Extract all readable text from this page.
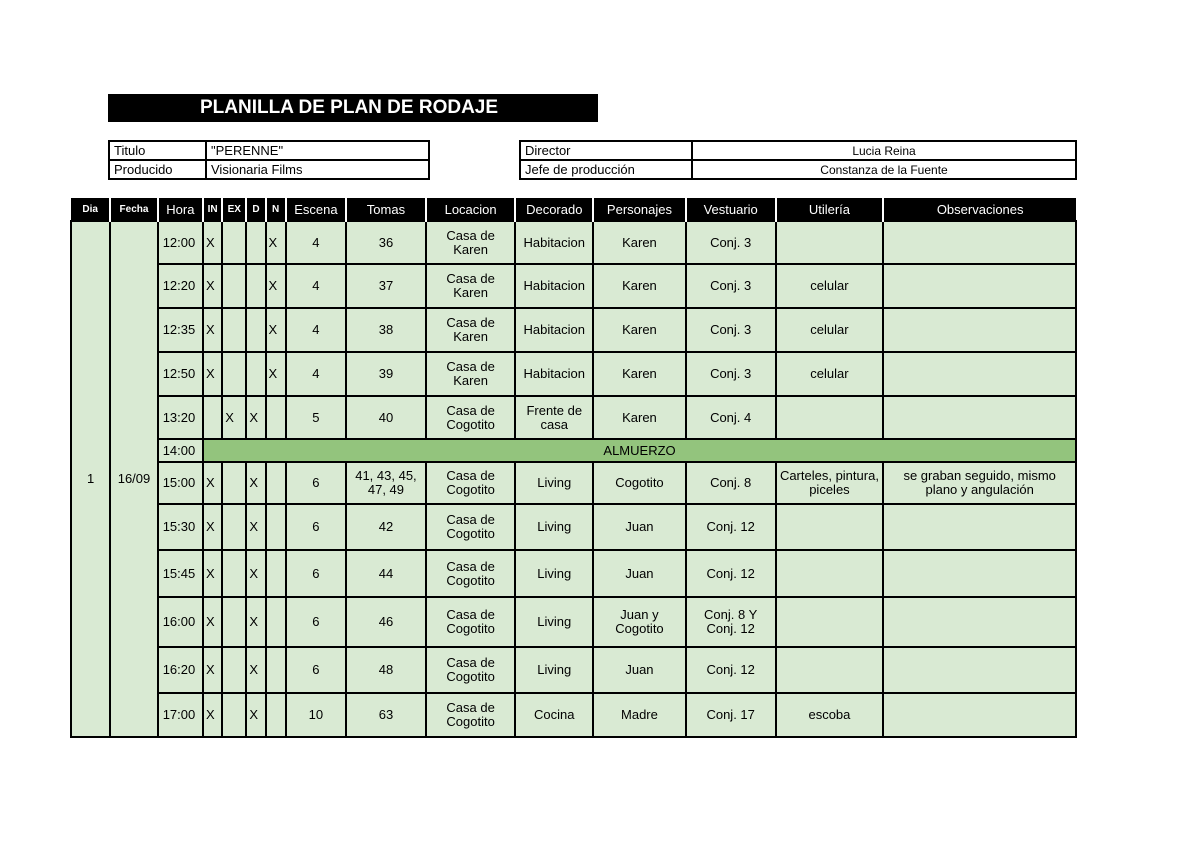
PLANILLA DE PLAN DE RODAJE
Titulo	"PERENNE"
Producido	Visionaria Films
Director	Lucia Reina
Jefe de producción	Constanza de la Fuente
Dia	Fecha	Hora	IN	EX	D	N	Escena	Tomas	Locacion	Decorado	Personajes	Vestuario	Utilería	Observaciones
1	16/09	12:00	X			X	4	36	Casa de Karen	Habitacion	Karen	Conj. 3		
		12:20	X			X	4	37	Casa de Karen	Habitacion	Karen	Conj. 3	celular	
		12:35	X			X	4	38	Casa de Karen	Habitacion	Karen	Conj. 3	celular	
		12:50	X			X	4	39	Casa de Karen	Habitacion	Karen	Conj. 3	celular	
		13:20		X	X		5	40	Casa de Cogotito	Frente de casa	Karen	Conj. 4		
		14:00	ALMUERZO											
		15:00	X		X		6	41, 43, 45, 47, 49	Casa de Cogotito	Living	Cogotito	Conj. 8	Carteles, pintura, piceles	se graban seguido, mismo plano y angulación
		15:30	X		X		6	42	Casa de Cogotito	Living	Juan	Conj. 12		
		15:45	X		X		6	44	Casa de Cogotito	Living	Juan	Conj. 12		
		16:00	X		X		6	46	Casa de Cogotito	Living	Juan y Cogotito	Conj. 8 Y Conj. 12		
		16:20	X		X		6	48	Casa de Cogotito	Living	Juan	Conj. 12		
		17:00	X		X		10	63	Casa de Cogotito	Cocina	Madre	Conj. 17	escoba	
